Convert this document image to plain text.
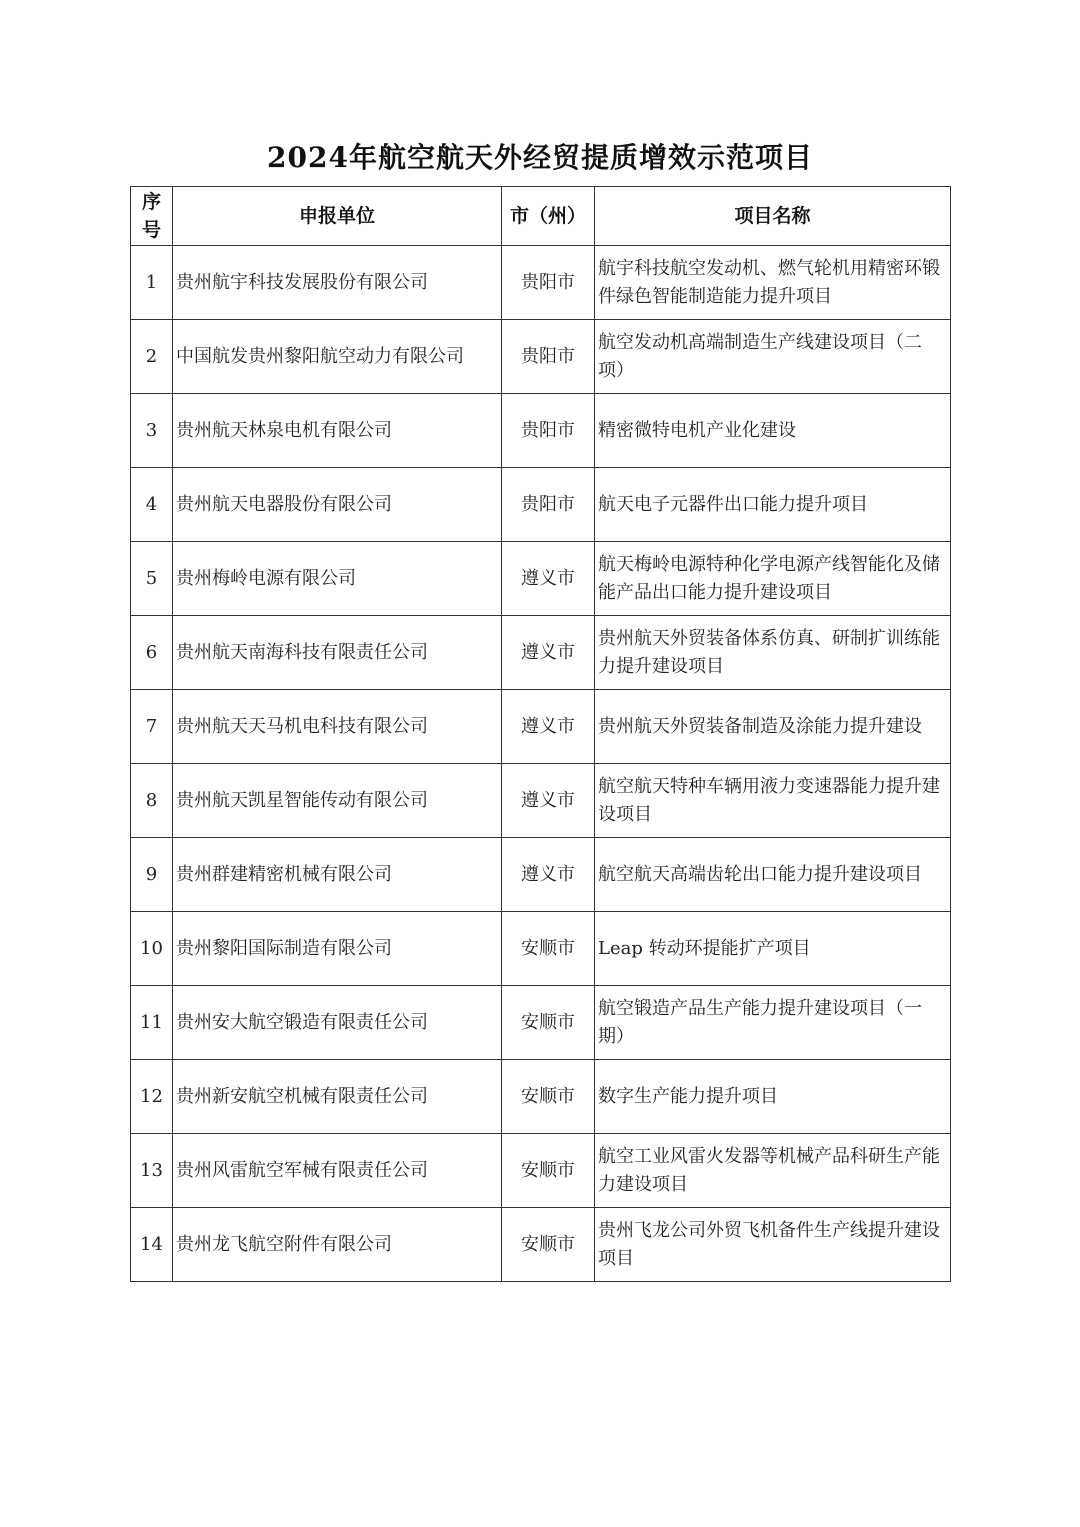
2024年航空航天外经贸提质增效示范项目
序号	申报单位	市（州）	项目名称
1	贵州航宇科技发展股份有限公司	贵阳市	航宇科技航空发动机、燃气轮机用精密环锻件绿色智能制造能力提升项目
2	中国航发贵州黎阳航空动力有限公司	贵阳市	航空发动机高端制造生产线建设项目（二项）
3	贵州航天林泉电机有限公司	贵阳市	精密微特电机产业化建设
4	贵州航天电器股份有限公司	贵阳市	航天电子元器件出口能力提升项目
5	贵州梅岭电源有限公司	遵义市	航天梅岭电源特种化学电源产线智能化及储能产品出口能力提升建设项目
6	贵州航天南海科技有限责任公司	遵义市	贵州航天外贸装备体系仿真、研制扩训练能力提升建设项目
7	贵州航天天马机电科技有限公司	遵义市	贵州航天外贸装备制造及涂能力提升建设
8	贵州航天凯星智能传动有限公司	遵义市	航空航天特种车辆用液力变速器能力提升建设项目
9	贵州群建精密机械有限公司	遵义市	航空航天高端齿轮出口能力提升建设项目
10	贵州黎阳国际制造有限公司	安顺市	Leap 转动环提能扩产项目
11	贵州安大航空锻造有限责任公司	安顺市	航空锻造产品生产能力提升建设项目（一期）
12	贵州新安航空机械有限责任公司	安顺市	数字生产能力提升项目
13	贵州风雷航空军械有限责任公司	安顺市	航空工业风雷火发器等机械产品科研生产能力建设项目
14	贵州龙飞航空附件有限公司	安顺市	贵州飞龙公司外贸飞机备件生产线提升建设项目
